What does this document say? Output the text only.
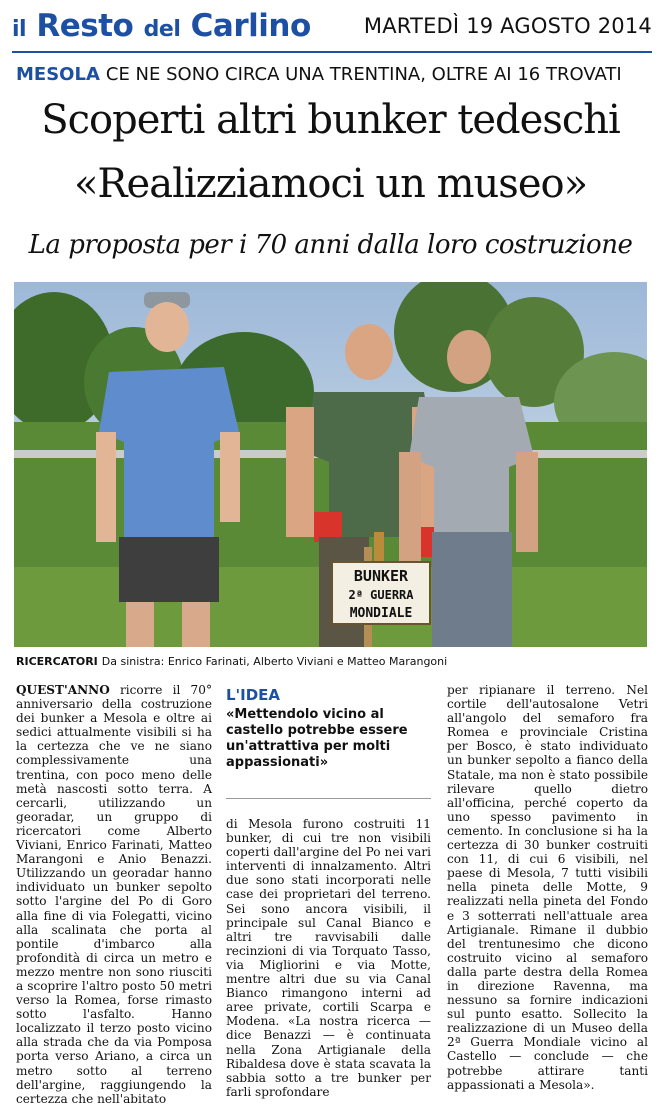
il Resto del Carlino	MARTEDÌ 19 AGOSTO 2014
MESOLA CE NE SONO CIRCA UNA TRENTINA, OLTRE AI 16 TROVATI
Scoperti altri bunker tedeschi
«Realizziamoci un museo»
La proposta per i 70 anni dalla loro costruzione
BUNKER
2ª GUERRA
MONDIALE
RICERCATORI Da sinistra: Enrico Farinati, Alberto Viviani e Matteo Marangoni

QUEST'ANNO ricorre il 70° anniversario della costruzione dei bunker a Mesola e oltre ai sedici attualmente visibili si ha la certezza che ve ne siano complessivamente una trentina, con poco meno delle metà nascosti sotto terra. A cercarli, utilizzando un georadar, un gruppo di ricercatori come Alberto Viviani, Enrico Farinati, Matteo Marangoni e Anio Benazzi. Utilizzando un georadar hanno individuato un bunker sepolto sotto l'argine del Po di Goro alla fine di via Folegatti, vicino alla scalinata che porta al pontile d'imbarco alla profondità di circa un metro e mezzo mentre non sono riusciti a scoprire l'altro posto 50 metri verso la Romea, forse rimasto sotto l'asfalto. Hanno localizzato il terzo posto vicino alla strada che da via Pomposa porta verso Ariano, a circa un metro sotto al terreno dell'argine, raggiungendo la certezza che nell'abitato

L'IDEA
«Mettendolo vicino al castello potrebbe essere un'attrattiva per molti appassionati»

di Mesola furono costruiti 11 bunker, di cui tre non visibili coperti dall'argine del Po nei vari interventi di innalzamento. Altri due sono stati incorporati nelle case dei proprietari del terreno. Sei sono ancora visibili, il principale sul Canal Bianco e altri tre ravvisabili dalle recinzioni di via Torquato Tasso, via Migliorini e via Motte, mentre altri due su via Canal Bianco rimangono interni ad aree private, cortili Scarpa e Modena. «La nostra ricerca — dice Benazzi — è continuata nella Zona Artigianale della Ribaldesa dove è stata scavata la sabbia sotto a tre bunker per farli sprofondare

per ripianare il terreno. Nel cortile dell'autosalone Vetri all'angolo del semaforo fra Romea e provinciale Cristina per Bosco, è stato individuato un bunker sepolto a fianco della Statale, ma non è stato possibile rilevare quello dietro all'officina, perché coperto da uno spesso pavimento in cemento. In conclusione si ha la certezza di 30 bunker costruiti con 11, di cui 6 visibili, nel paese di Mesola, 7 tutti visibili nella pineta delle Motte, 9 realizzati nella pineta del Fondo e 3 sotterrati nell'attuale area Artigianale. Rimane il dubbio del trentunesimo che dicono costruito vicino al semaforo dalla parte destra della Romea in direzione Ravenna, ma nessuno sa fornire indicazioni sul punto esatto. Sollecito la realizzazione di un Museo della 2ª Guerra Mondiale vicino al Castello — conclude — che potrebbe attirare tanti appassionati a Mesola».
